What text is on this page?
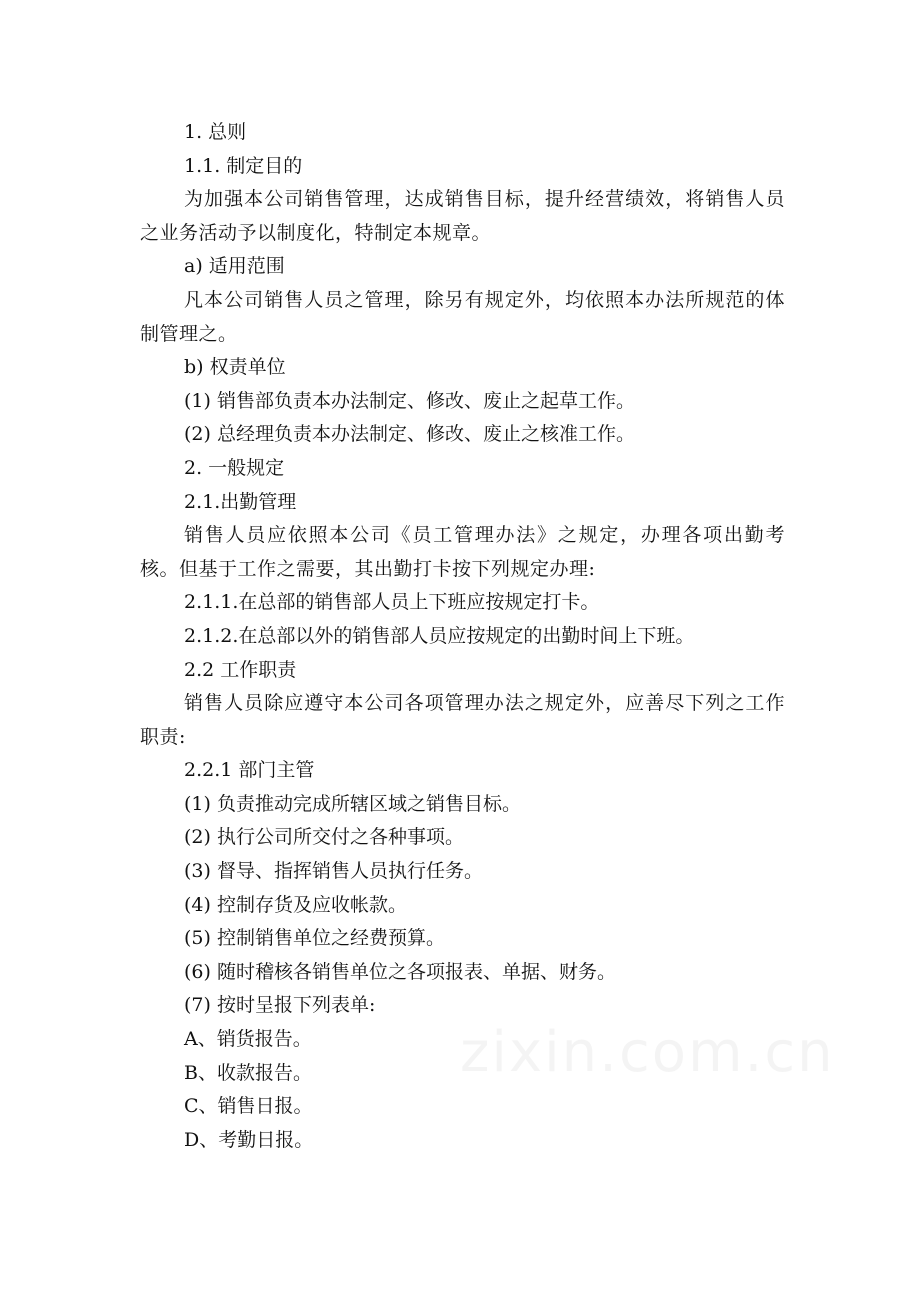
1. 总则

1.1. 制定目的

为加强本公司销售管理，达成销售目标，提升经营绩效，将销售人员之业务活动予以制度化，特制定本规章。

a) 适用范围

凡本公司销售人员之管理，除另有规定外，均依照本办法所规范的体制管理之。

b) 权责单位

(1) 销售部负责本办法制定、修改、废止之起草工作。

(2) 总经理负责本办法制定、修改、废止之核准工作。

2. 一般规定

2.1.出勤管理

销售人员应依照本公司《员工管理办法》之规定，办理各项出勤考核。但基于工作之需要，其出勤打卡按下列规定办理:

2.1.1.在总部的销售部人员上下班应按规定打卡。

2.1.2.在总部以外的销售部人员应按规定的出勤时间上下班。

2.2 工作职责

销售人员除应遵守本公司各项管理办法之规定外，应善尽下列之工作职责:

2.2.1 部门主管

(1) 负责推动完成所辖区域之销售目标。

(2) 执行公司所交付之各种事项。

(3) 督导、指挥销售人员执行任务。

(4) 控制存货及应收帐款。

(5) 控制销售单位之经费预算。

(6) 随时稽核各销售单位之各项报表、单据、财务。

(7) 按时呈报下列表单:

A、销货报告。

B、收款报告。

C、销售日报。

D、考勤日报。
